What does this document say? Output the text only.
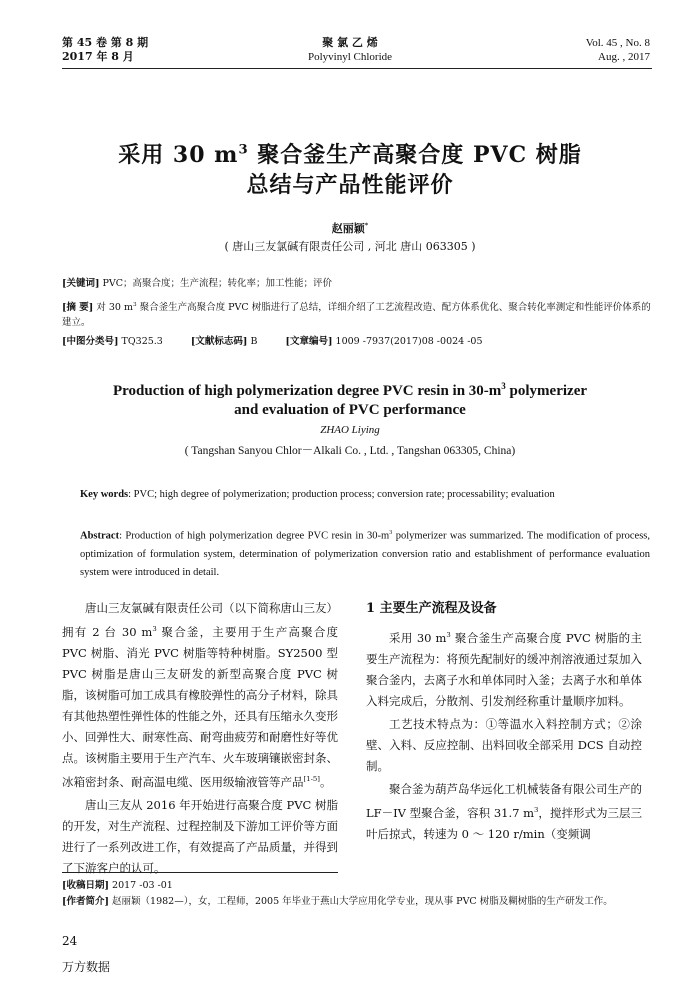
第 45 卷 第 8 期
2017 年 8 月
聚 氯 乙 烯
Polyvinyl Chloride
Vol. 45 , No. 8
Aug. , 2017
采用 30 $m^3$ 聚合釜生产高聚合度 PVC 树脂
总结与产品性能评价
赵丽颖*
( 唐山三友氯碱有限责任公司 , 河北 唐山 063305 )
[关键词] PVC；高聚合度；生产流程；转化率；加工性能；评价
[摘 要] 对 30 $m^3$ 聚合釜生产高聚合度 PVC 树脂进行了总结，详细介绍了工艺流程改造、配方体系优化、聚合转化率测定和性能评价体系的建立。
[中图分类号] TQ325.3	[文献标志码] B	[文章编号] 1009 -7937(2017)08 -0024 -05
Production of high polymerization degree PVC resin in $30-m^3$ polymerizer
and evaluation of PVC performance
ZHAO Liying
( Tangshan Sanyou Chlor－Alkali Co. , Ltd. , Tangshan 063305, China)
Key words: PVC; high degree of polymerization; production process; conversion rate; processability; evaluation
Abstract: Production of high polymerization degree PVC resin in $30-m^3$ polymerizer was summarized. The modification of process, optimization of formulation system, determination of polymerization conversion ratio and establishment of performance evaluation system were introduced in detail.

唐山三友氯碱有限责任公司（以下简称唐山三友）拥有 2 台 30 $m^3$ 聚合釜，主要用于生产高聚合度 PVC 树脂、消光 PVC 树脂等特种树脂。SY2500 型 PVC 树脂是唐山三友研发的新型高聚合度 PVC 树脂，该树脂可加工成具有橡胶弹性的高分子材料，除具有其他热塑性弹性体的性能之外，还具有压缩永久变形小、回弹性大、耐寒性高、耐弯曲疲劳和耐磨性好等优点。该树脂主要用于生产汽车、火车玻璃镶嵌密封条、冰箱密封条、耐高温电缆、医用级输液管等产品[1-5]。

唐山三友从 2016 年开始进行高聚合度 PVC 树脂的开发，对生产流程、过程控制及下游加工评价等方面进行了一系列改进工作，有效提高了产品质量，并得到了下游客户的认可。

1 主要生产流程及设备

采用 30 $m^3$ 聚合釜生产高聚合度 PVC 树脂的主要生产流程为：将预先配制好的缓冲剂溶液通过泵加入聚合釜内，去离子水和单体同时入釜；去离子水和单体入料完成后，分散剂、引发剂经称重计量顺序加料。

工艺技术特点为：①等温水入料控制方式；②涂壁、入料、反应控制、出料回收全部采用 DCS 自动控制。

聚合釜为葫芦岛华远化工机械装备有限公司生产的 LF－IV 型聚合釜，容积 31.7 $m^3$，搅拌形式为三层三叶后掠式，转速为 0 ～ 120 r/min（变频调

[收稿日期] 2017 -03 -01
[作者简介] 赵丽颖（1982—），女，工程师，2005 年毕业于燕山大学应用化学专业，现从事 PVC 树脂及糊树脂的生产研发工作。
24
万方数据
